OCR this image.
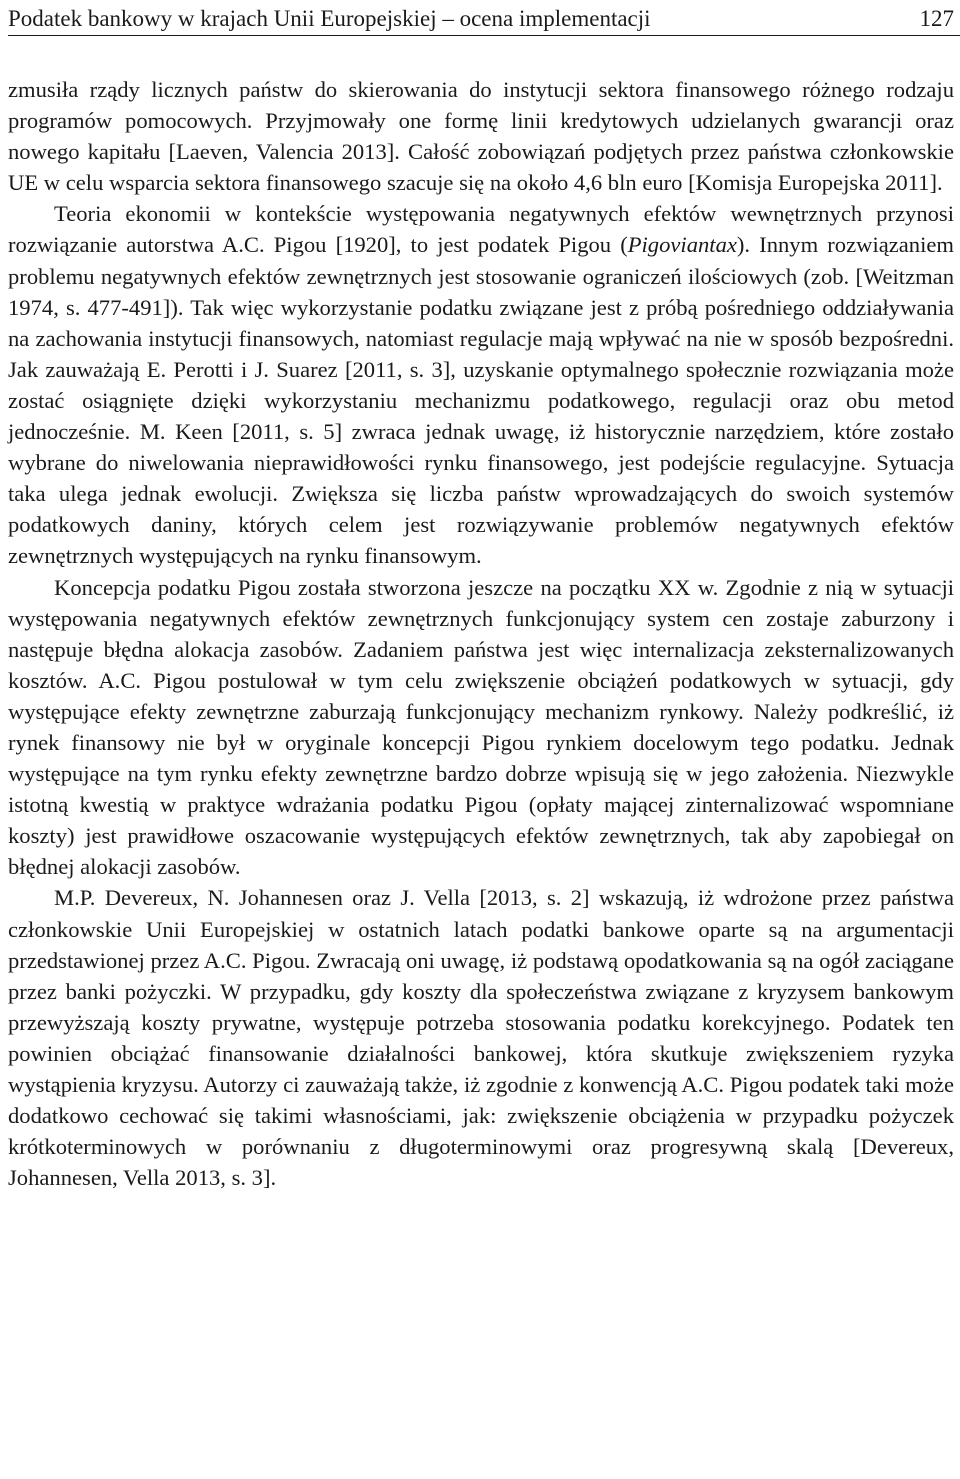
Podatek bankowy w krajach Unii Europejskiej – ocena implementacji	127

zmusiła rządy licznych państw do skierowania do instytucji sektora finansowego różnego rodzaju programów pomocowych. Przyjmowały one formę linii kredytowych udzielanych gwarancji oraz nowego kapitału [Laeven, Valencia 2013]. Całość zobowiązań podjętych przez państwa członkowskie UE w celu wsparcia sektora finansowego szacuje się na około 4,6 bln euro [Komisja Europejska 2011].

Teoria ekonomii w kontekście występowania negatywnych efektów wewnętrznych przynosi rozwiązanie autorstwa A.C. Pigou [1920], to jest podatek Pigou (Pigoviantax). Innym rozwiązaniem problemu negatywnych efektów zewnętrznych jest stosowanie ograniczeń ilościowych (zob. [Weitzman 1974, s. 477-491]). Tak więc wykorzystanie podatku związane jest z próbą pośredniego oddziaływania na zachowania instytucji finansowych, natomiast regulacje mają wpływać na nie w sposób bezpośredni. Jak zauważają E. Perotti i J. Suarez [2011, s. 3], uzyskanie optymalnego społecznie rozwiązania może zostać osiągnięte dzięki wykorzystaniu mechanizmu podatkowego, regulacji oraz obu metod jednocześnie. M. Keen [2011, s. 5] zwraca jednak uwagę, iż historycznie narzędziem, które zostało wybrane do niwelowania nieprawidłowości rynku finansowego, jest podejście regulacyjne. Sytuacja taka ulega jednak ewolucji. Zwiększa się liczba państw wprowadzających do swoich systemów podatkowych daniny, których celem jest rozwiązywanie problemów negatywnych efektów zewnętrznych występujących na rynku finansowym.

Koncepcja podatku Pigou została stworzona jeszcze na początku XX w. Zgodnie z nią w sytuacji występowania negatywnych efektów zewnętrznych funkcjonujący system cen zostaje zaburzony i następuje błędna alokacja zasobów. Zadaniem państwa jest więc internalizacja zeksternalizowanych kosztów. A.C. Pigou postulował w tym celu zwiększenie obciążeń podatkowych w sytuacji, gdy występujące efekty zewnętrzne zaburzają funkcjonujący mechanizm rynkowy. Należy podkreślić, iż rynek finansowy nie był w oryginale koncepcji Pigou rynkiem docelowym tego podatku. Jednak występujące na tym rynku efekty zewnętrzne bardzo dobrze wpisują się w jego założenia. Niezwykle istotną kwestią w praktyce wdrażania podatku Pigou (opłaty mającej zinternalizować wspomniane koszty) jest prawidłowe oszacowanie występujących efektów zewnętrznych, tak aby zapobiegał on błędnej alokacji zasobów.

M.P. Devereux, N. Johannesen oraz J. Vella [2013, s. 2] wskazują, iż wdrożone przez państwa członkowskie Unii Europejskiej w ostatnich latach podatki bankowe oparte są na argumentacji przedstawionej przez A.C. Pigou. Zwracają oni uwagę, iż podstawą opodatkowania są na ogół zaciągane przez banki pożyczki. W przypadku, gdy koszty dla społeczeństwa związane z kryzysem bankowym przewyższają koszty prywatne, występuje potrzeba stosowania podatku korekcyjnego. Podatek ten powinien obciążać finansowanie działalności bankowej, która skutkuje zwiększeniem ryzyka wystąpienia kryzysu. Autorzy ci zauważają także, iż zgodnie z konwencją A.C. Pigou podatek taki może dodatkowo cechować się takimi własnościami, jak: zwiększenie obciążenia w przypadku pożyczek krótkoterminowych w porównaniu z długoterminowymi oraz progresywną skalą [Devereux, Johannesen, Vella 2013, s. 3].
